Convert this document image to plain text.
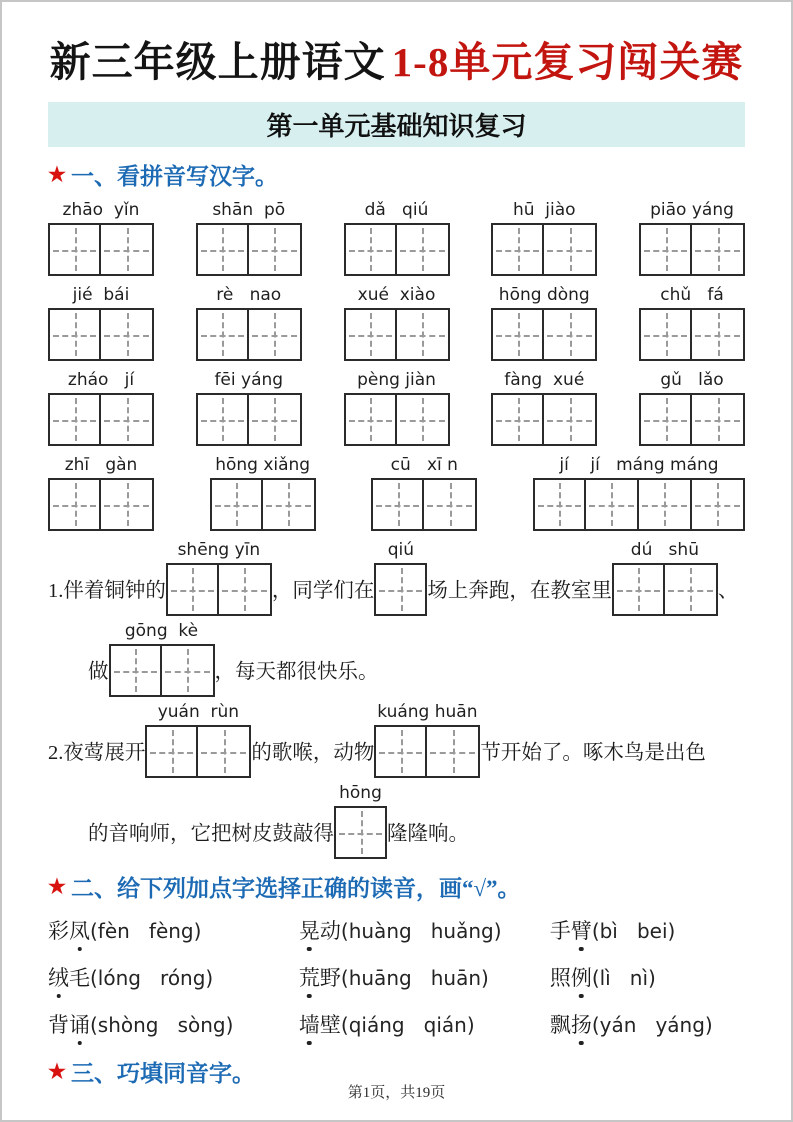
新三年级上册语文 1-8单元复习闯关赛
第一单元基础知识复习
★ 一、看拼音写汉字。
zhāo  yǐn	shān  pō	dǎ   qiú	hū  jiào	piāo yáng
jié  bái	rè   nao	xué  xiào	hōng dòng	chǔ   fá
zháo   jí	fēi yáng	pèng jiàn	fàng  xué	gǔ   lǎo
zhī   gàn	hōng xiǎng	cū   xī n	jí    jí   máng máng
1.伴着铜钟的
shēng yīn
，同学们在
qiú
场上奔跑，在教室里
dú   shū
、
做
gōng  kè
，每天都很快乐。
2.夜莺展开
yuán  rùn
的歌喉，动物
kuáng huān
节开始了。啄木鸟是出色
的音响师，它把树皮鼓敲得
hōng
隆隆响。
★ 二、给下列加点字选择正确的读音，画“√”。
彩凤 (fèn   fèng)	晃动 (huàng   huǎng) 手臂 (bì   bei)
绒毛 (lóng   róng)	荒野 (huāng   huān)	照例 (lì   nì)
背诵 (shòng   sòng)	墙壁 (qiáng   qián)	飘扬 (yán   yáng)
★ 三、巧填同音字。
第1页，共19页
